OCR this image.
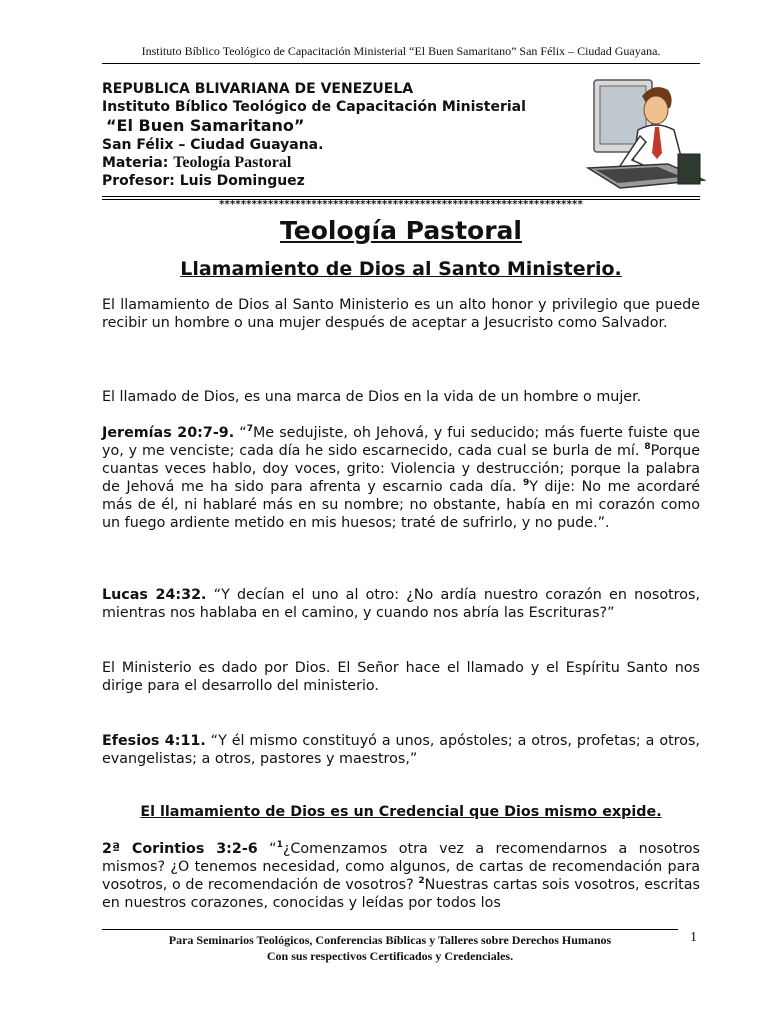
Instituto Bíblico Teológico de Capacitación Ministerial “El Buen Samaritano” San Félix – Ciudad Guayana.
REPUBLICA BLIVARIANA DE VENEZUELA
Instituto Bíblico Teológico de Capacitación Ministerial
“El Buen Samaritano”
San Félix – Ciudad Guayana.
Materia: Teología Pastoral
Profesor: Luis Dominguez
*******************************************************************
Teología Pastoral
Llamamiento de Dios al Santo Ministerio.
El llamamiento de Dios al Santo Ministerio es un alto honor y privilegio que puede recibir un hombre o una mujer después de aceptar a Jesucristo como Salvador.
El llamado de Dios, es una marca de Dios en la vida de un hombre o mujer.
Jeremías 20:7-9. “$^7$Me sedujiste, oh Jehová, y fui seducido; más fuerte fuiste que yo, y me venciste; cada día he sido escarnecido, cada cual se burla de mí. $^8$Porque cuantas veces hablo, doy voces, grito: Violencia y destrucción; porque la palabra de Jehová me ha sido para afrenta y escarnio cada día. $^9$Y dije: No me acordaré más de él, ni hablaré más en su nombre; no obstante, había en mi corazón como un fuego ardiente metido en mis huesos; traté de sufrirlo, y no pude.”.
Lucas 24:32. “Y decían el uno al otro: ¿No ardía nuestro corazón en nosotros, mientras nos hablaba en el camino, y cuando nos abría las Escrituras?”
El Ministerio es dado por Dios. El Señor hace el llamado y el Espíritu Santo nos dirige para el desarrollo del ministerio.
Efesios 4:11. “Y él mismo constituyó a unos, apóstoles; a otros, profetas; a otros, evangelistas; a otros, pastores y maestros,”
El llamamiento de Dios es un Credencial que Dios mismo expide.
2ª Corintios 3:2-6 “$^1$¿Comenzamos otra vez a recomendarnos a nosotros mismos? ¿O tenemos necesidad, como algunos, de cartas de recomendación para vosotros, o de recomendación de vosotros? $^2$Nuestras cartas sois vosotros, escritas en nuestros corazones, conocidas y leídas por todos los
Para Seminarios Teológicos, Conferencias Bíblicas y Talleres sobre Derechos Humanos
Con sus respectivos Certificados y Credenciales.
1
